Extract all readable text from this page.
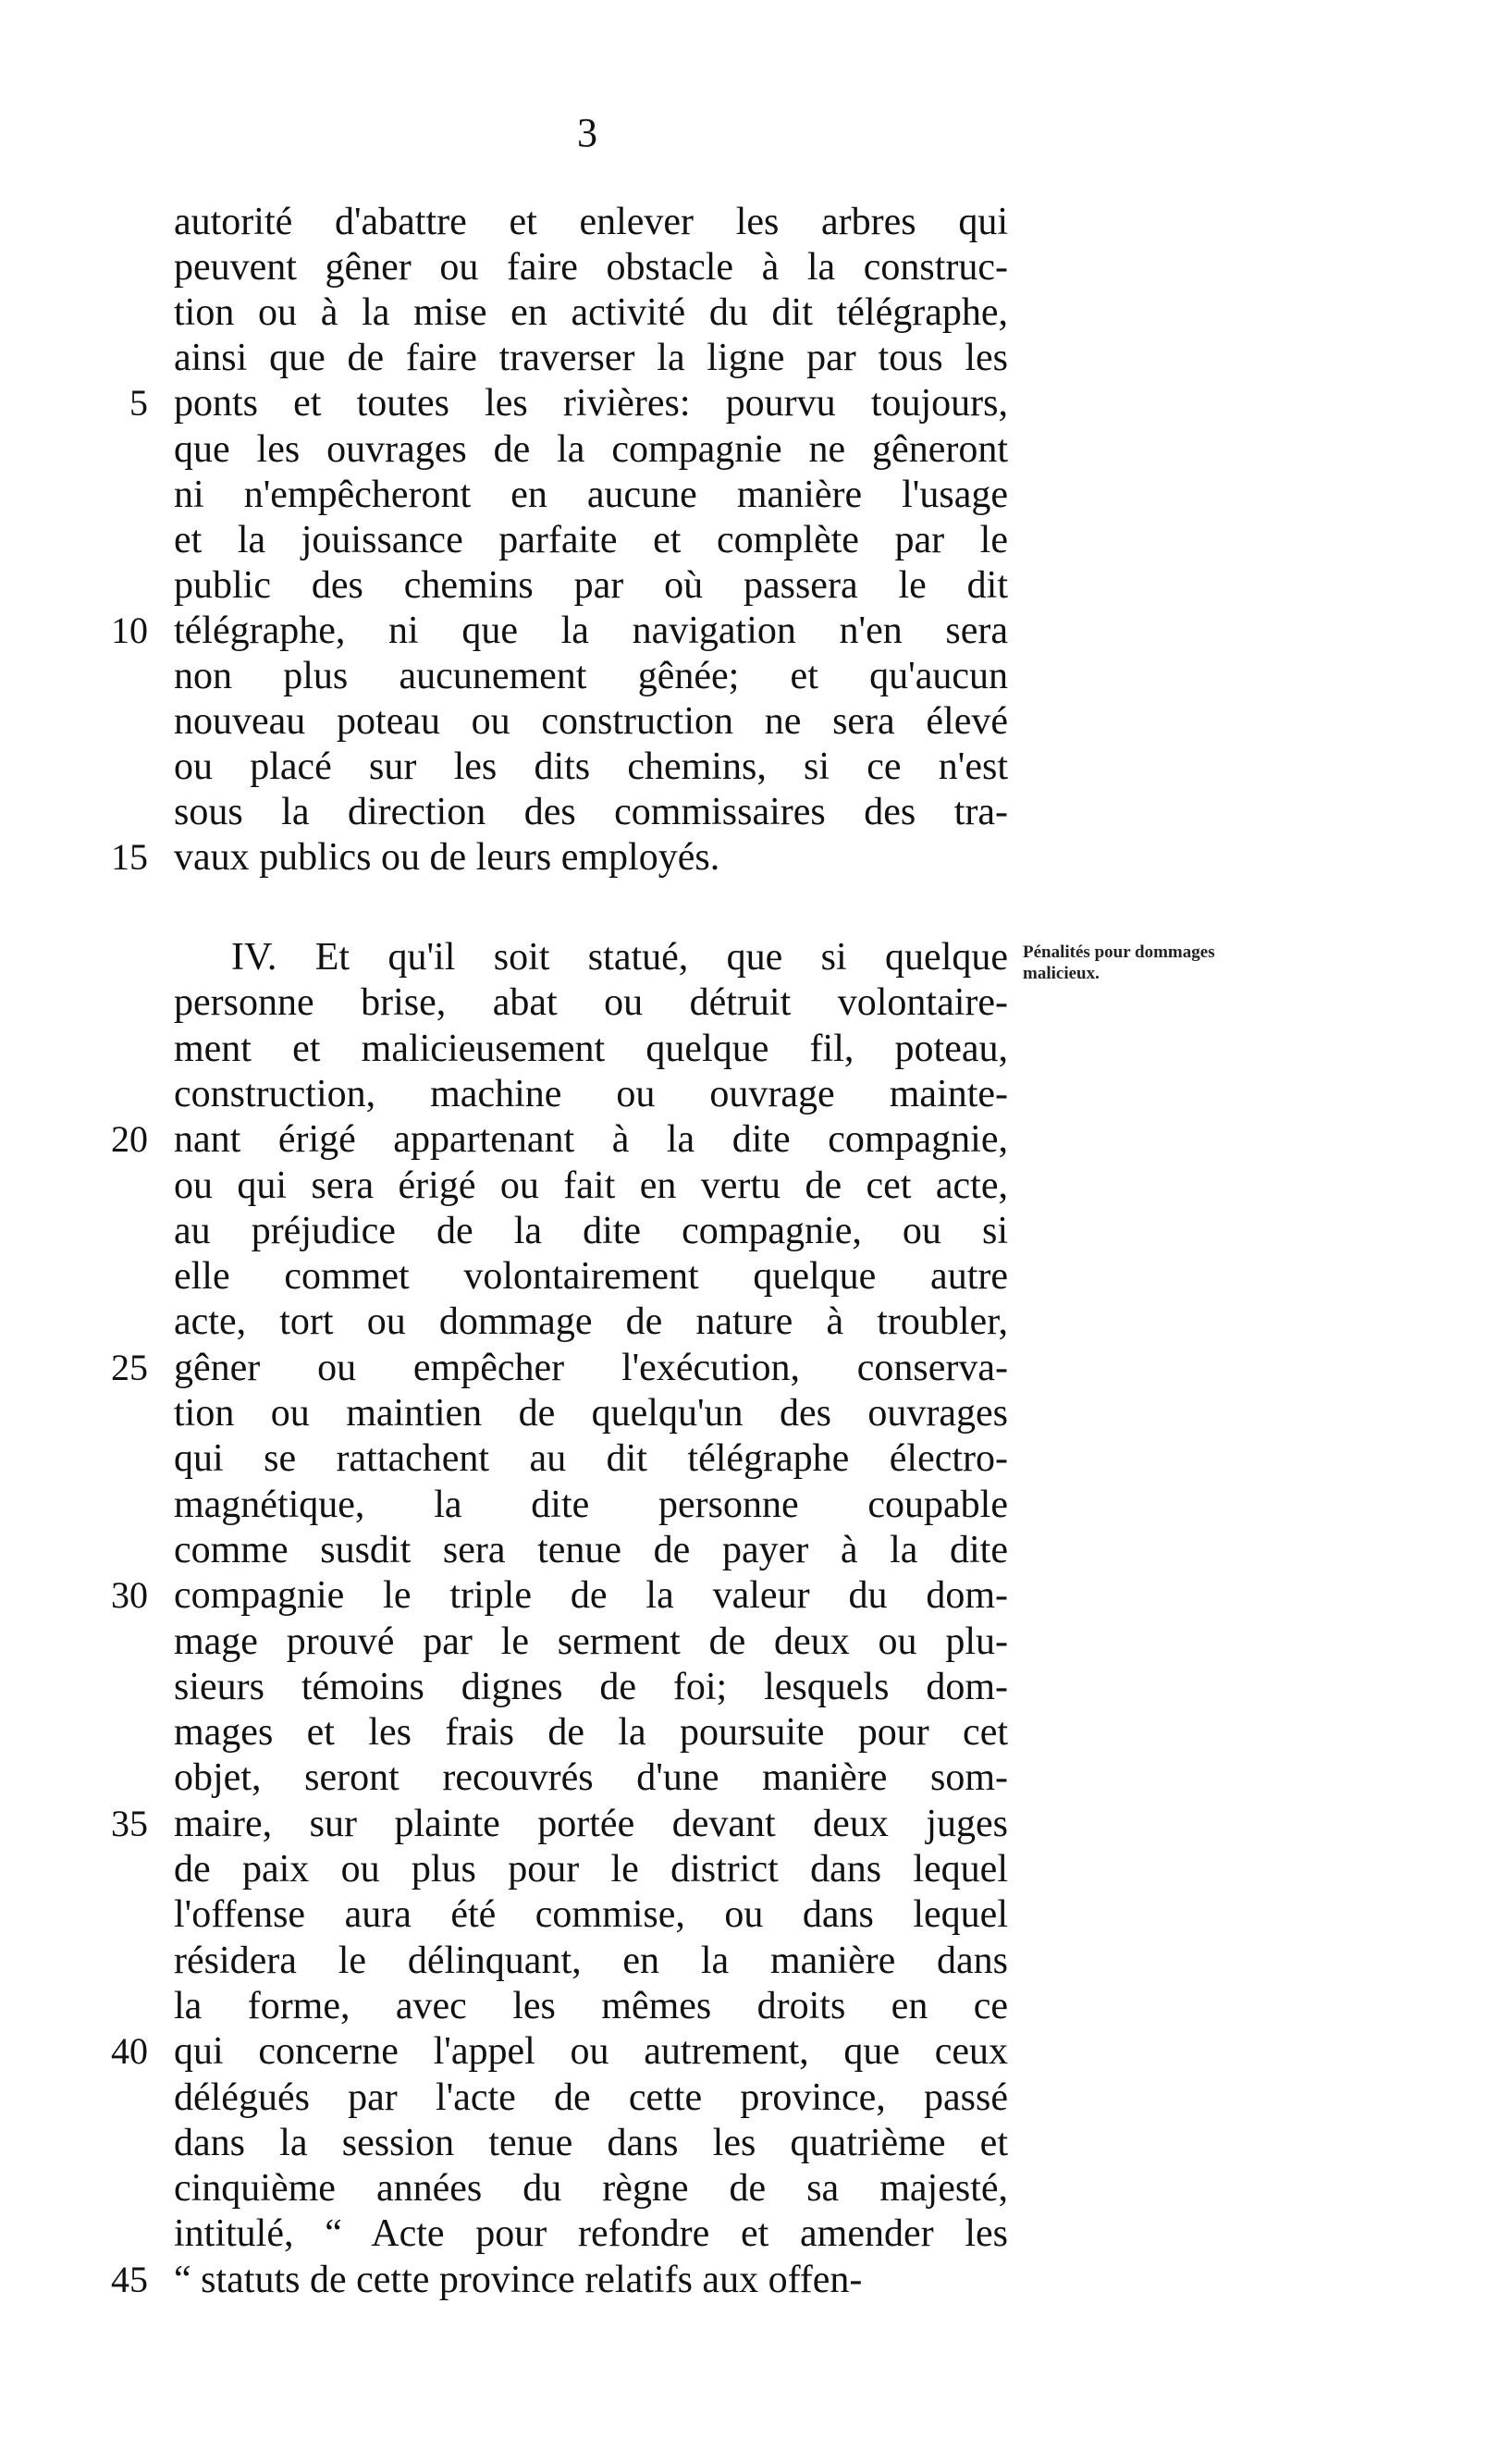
3
autorité d'abattre et enlever les arbres qui
peuvent gêner ou faire obstacle à la construc-
tion ou à la mise en activité du dit télégraphe,
ainsi que de faire traverser la ligne par tous les
5 ponts et toutes les rivières: pourvu toujours,
que les ouvrages de la compagnie ne gêneront
ni n'empêcheront en aucune manière l'usage
et la jouissance parfaite et complète par le
public des chemins par où passera le dit
10 télégraphe, ni que la navigation n'en sera
non plus aucunement gênée; et qu'aucun
nouveau poteau ou construction ne sera élevé
ou placé sur les dits chemins, si ce n'est
sous la direction des commissaires des tra-
15 vaux publics ou de leurs employés.
IV. Et qu'il soit statué, que si quelque
personne brise, abat ou détruit volontaire-
ment et malicieusement quelque fil, poteau,
construction, machine ou ouvrage mainte-
20 nant érigé appartenant à la dite compagnie,
ou qui sera érigé ou fait en vertu de cet acte,
au préjudice de la dite compagnie, ou si
elle commet volontairement quelque autre
acte, tort ou dommage de nature à troubler,
25 gêner ou empêcher l'exécution, conserva-
tion ou maintien de quelqu'un des ouvrages
qui se rattachent au dit télégraphe électro-
magnétique, la dite personne coupable
comme susdit sera tenue de payer à la dite
30 compagnie le triple de la valeur du dom-
mage prouvé par le serment de deux ou plu-
sieurs témoins dignes de foi; lesquels dom-
mages et les frais de la poursuite pour cet
objet, seront recouvrés d'une manière som-
35 maire, sur plainte portée devant deux juges
de paix ou plus pour le district dans lequel
l'offense aura été commise, ou dans lequel
résidera le délinquant, en la manière dans
la forme, avec les mêmes droits en ce
40 qui concerne l'appel ou autrement, que ceux
délégués par l'acte de cette province, passé
dans la session tenue dans les quatrième et
cinquième années du règne de sa majesté,
intitulé, “ Acte pour refondre et amender les
45 “ statuts de cette province relatifs aux offen-
Pénalités pour dommages malicieux.
